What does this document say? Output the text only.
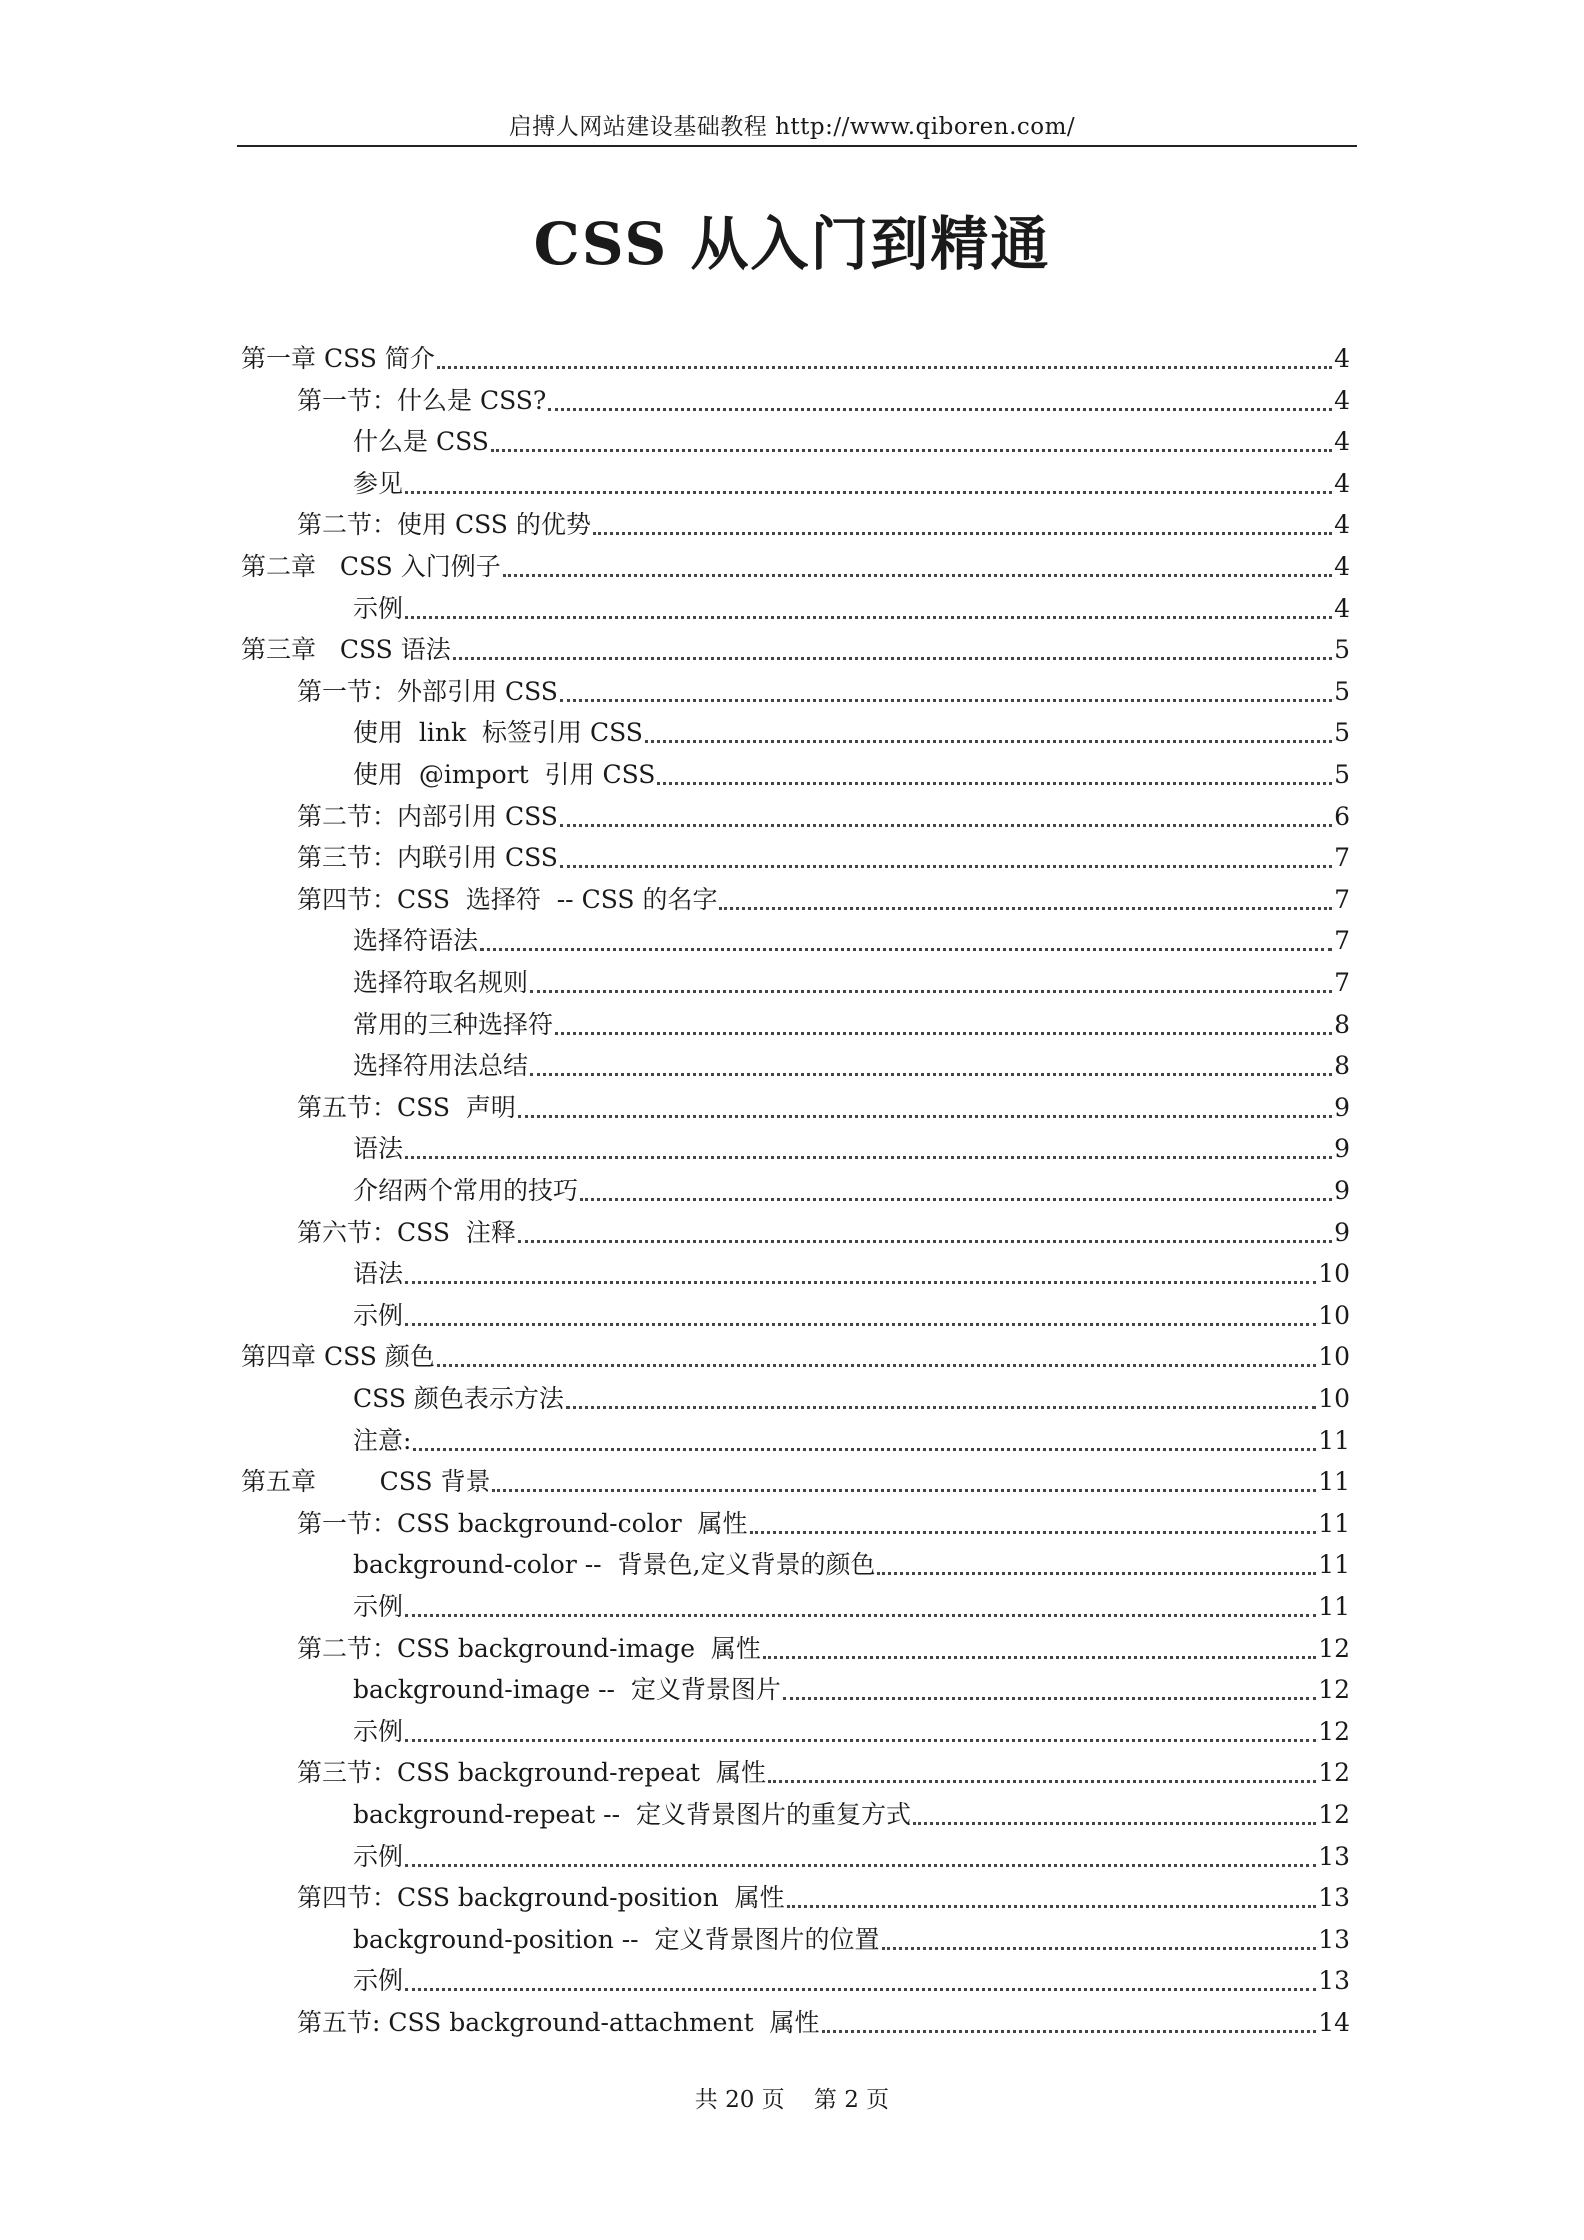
启搏人网站建设基础教程 http://www.qiboren.com/
CSS 从入门到精通
第一章 CSS 简介	4
第一节：什么是 CSS?	4
什么是 CSS	4
参见	4
第二节：使用 CSS 的优势	4
第二章   CSS 入门例子	4
示例	4
第三章   CSS 语法	5
第一节：外部引用 CSS	5
使用  link  标签引用 CSS	5
使用  @import  引用 CSS	5
第二节：内部引用 CSS	6
第三节：内联引用 CSS	7
第四节：CSS  选择符  -- CSS 的名字	7
选择符语法	7
选择符取名规则	7
常用的三种选择符	8
选择符用法总结	8
第五节：CSS  声明	9
语法	9
介绍两个常用的技巧	9
第六节：CSS  注释	9
语法	10
示例	10
第四章 CSS 颜色	10
CSS 颜色表示方法	10
注意:	11
第五章        CSS 背景	11
第一节：CSS background-color  属性	11
background-color --  背景色,定义背景的颜色	11
示例	11
第二节：CSS background-image  属性	12
background-image --  定义背景图片	12
示例	12
第三节：CSS background-repeat  属性	12
background-repeat --  定义背景图片的重复方式	12
示例	13
第四节：CSS background-position  属性	13
background-position --  定义背景图片的位置	13
示例	13
第五节: CSS background-attachment  属性	14
共 20 页    第 2 页
